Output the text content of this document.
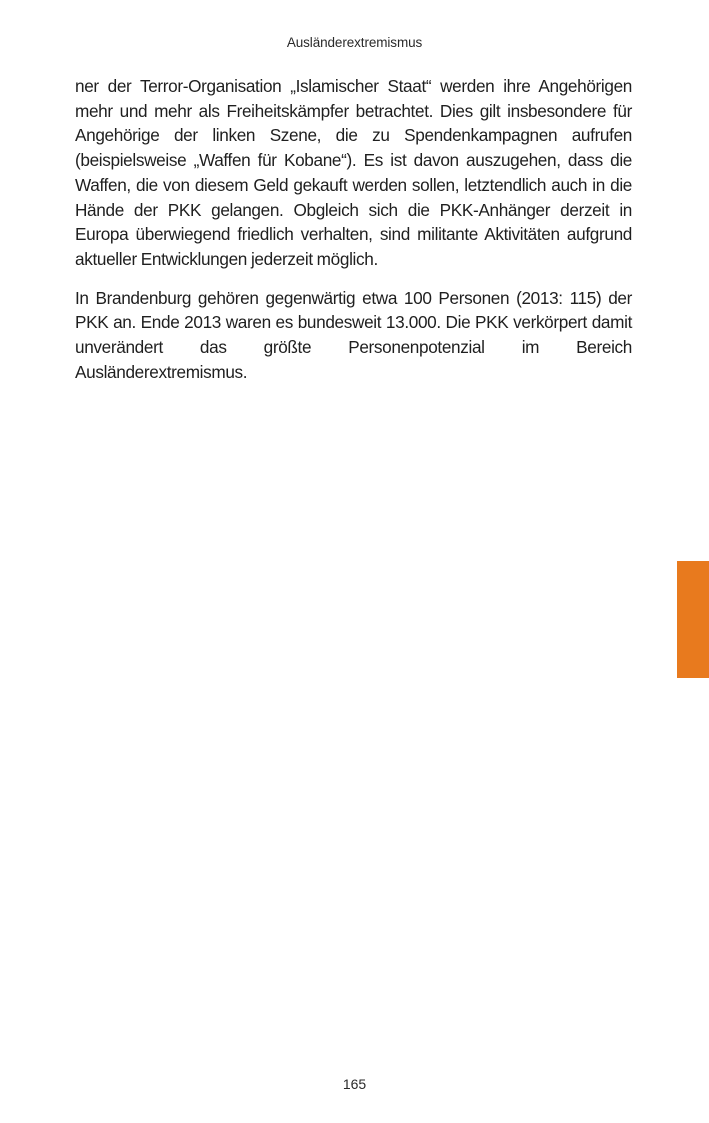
Ausländerextremismus

ner der Terror-Organisation „Islamischer Staat“ werden ihre Angehörigen mehr und mehr als Freiheitskämpfer betrachtet. Dies gilt insbesondere für Angehörige der linken Szene, die zu Spendenkampagnen aufrufen (beispielsweise „Waffen für Kobane“). Es ist davon auszugehen, dass die Waffen, die von diesem Geld gekauft werden sollen, letztendlich auch in die Hände der PKK gelangen. Obgleich sich die PKK-Anhänger derzeit in Europa überwiegend friedlich verhalten, sind militante Aktivitäten aufgrund aktueller Entwicklungen jederzeit möglich.

In Brandenburg gehören gegenwärtig etwa 100 Personen (2013: 115) der PKK an. Ende 2013 waren es bundesweit 13.000. Die PKK verkörpert damit unverändert das größte Personenpotenzial im Bereich Ausländerextremismus.

165
